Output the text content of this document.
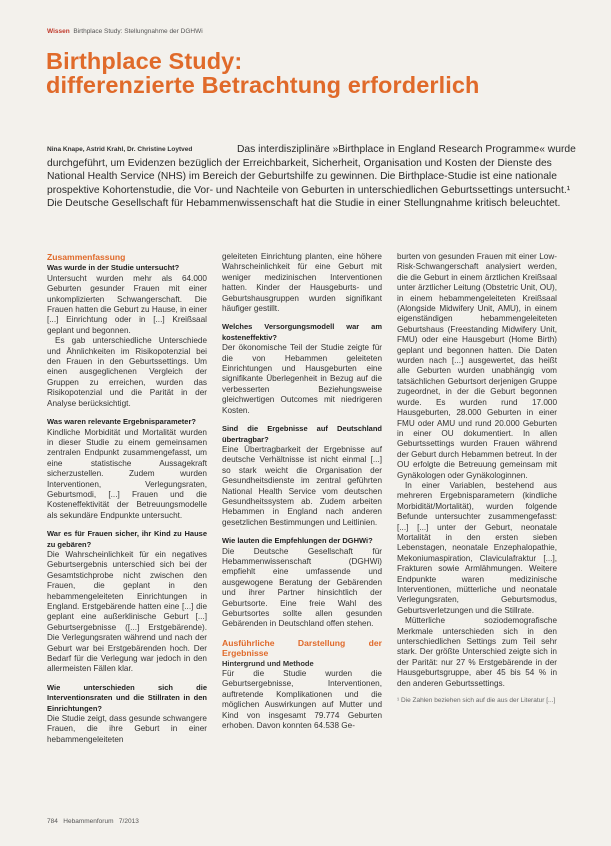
Wissen Birthplace Study: Stellungnahme der DGHWi
Birthplace Study:
differenzierte Betrachtung erforderlich
Nina Knape, Astrid Krahl, Dr. Christine Loytved	Das interdisziplinäre »Birthplace in England Research Programme« wurde durchgeführt, um Evidenzen bezüglich der Erreichbarkeit, Sicherheit, Organisation und Kosten der Dienste des National Health Service (NHS) im Bereich der Geburtshilfe zu gewinnen. Die Birthplace-Studie ist eine nationale prospektive Kohortenstudie, die Vor- und Nachteile von Geburten in unterschiedlichen Geburtssettings untersucht.¹ Die Deutsche Gesellschaft für Hebammenwissenschaft hat die Studie in einer Stellungnahme kritisch beleuchtet.

Zusammenfassung

Was wurde in der Studie untersucht?

Untersucht wurden mehr als 64.000 Geburten gesunder Frauen mit einer unkomplizierten Schwangerschaft. Die Frauen hatten die Geburt zu Hause, in einer [...] Einrichtung oder in [...] Kreißsaal geplant und begonnen.

Es gab unterschiedliche Unterschiede und Ähnlichkeiten im Risikopotenzial bei den Frauen in den Geburtssettings. Um einen ausgeglichenen Vergleich der Gruppen zu erreichen, wurden das Risikopotenzial und die Parität in der Analyse berücksichtigt.

Was waren relevante Ergebnisparameter?

Kindliche Morbidität und Mortalität wurden in dieser Studie zu einem gemeinsamen zentralen Endpunkt zusammengefasst, um eine statistische Aussagekraft sicherzustellen. Zudem wurden Interventionen, Verlegungsraten, Geburtsmodi, [...] Frauen und die Kosteneffektivität der Betreuungsmodelle als sekundäre Endpunkte untersucht.

War es für Frauen sicher, ihr Kind zu Hause zu gebären?

Die Wahrscheinlichkeit für ein negatives Geburtsergebnis unterschied sich bei der Gesamtstichprobe nicht zwischen den Frauen, die geplant in den hebammengeleiteten Einrichtungen in England. Erstgebärende hatten eine [...] die geplant eine außerklinische Geburt [...] Geburtsergebnisse ([...] Erstgebärende). Die Verlegungsraten während und nach der Geburt war bei Erstgebärenden hoch. Der Bedarf für die Verlegung war jedoch in den allermeisten Fällen klar.

Wie unterschieden sich die Interventionsraten und die Stillraten in den Einrichtungen?

Die Studie zeigt, dass gesunde schwangere Frauen, die ihre Geburt in einer hebammengeleiteten

geleiteten Einrichtung planten, eine höhere Wahrscheinlichkeit für eine Geburt mit weniger medizinischen Interventionen hatten. Kinder der Hausgeburts- und Geburtshausgruppen wurden signifikant häufiger gestillt.

Welches Versorgungsmodell war am kosteneffektiv?

Der ökonomische Teil der Studie zeigte für die von Hebammen geleiteten Einrichtungen und Hausgeburten eine signifikante Überlegenheit in Bezug auf die verbesserten Beziehungsweise gleichwertigen Outcomes mit niedrigeren Kosten.

Sind die Ergebnisse auf Deutschland übertragbar?

Eine Übertragbarkeit der Ergebnisse auf deutsche Verhältnisse ist nicht einmal [...] so stark weicht die Organisation der Gesundheitsdienste im zentral geführten National Health Service vom deutschen Gesundheitssystem ab. Zudem arbeiten Hebammen in England nach anderen gesetzlichen Bestimmungen und Leitlinien.

Wie lauten die Empfehlungen der DGHWi?

Die Deutsche Gesellschaft für Hebammenwissenschaft (DGHWi) empfiehlt eine umfassende und ausgewogene Beratung der Gebärenden und ihrer Partner hinsichtlich der Geburtsorte. Eine freie Wahl des Geburtsortes sollte allen gesunden Gebärenden in Deutschland offen stehen.

Ausführliche Darstellung der Ergebnisse

Hintergrund und Methode

Für die Studie wurden die Geburtsergebnisse, Interventionen, auftretende Komplikationen und die möglichen Auswirkungen auf Mutter und Kind von insgesamt 79.774 Geburten erhoben. Davon konnten 64.538 Ge-

burten von gesunden Frauen mit einer Low-Risk-Schwangerschaft analysiert werden, die die Geburt in einem ärztlichen Kreißsaal unter ärztlicher Leitung (Obstetric Unit, OU), in einem hebammengeleiteten Kreißsaal (Alongside Midwifery Unit, AMU), in einem eigenständigen hebammengeleiteten Geburtshaus (Freestanding Midwifery Unit, FMU) oder eine Hausgeburt (Home Birth) geplant und begonnen hatten. Die Daten wurden nach [...] ausgewertet, das heißt alle Geburten wurden unabhängig vom tatsächlichen Geburtsort derjenigen Gruppe zugeordnet, in der die Geburt begonnen wurde. Es wurden rund 17.000 Hausgeburten, 28.000 Geburten in einer FMU oder AMU und rund 20.000 Geburten in einer OU dokumentiert. In allen Geburtssettings wurden Frauen während der Geburt durch Hebammen betreut. In der OU erfolgte die Betreuung gemeinsam mit Gynäkologen oder Gynäkologinnen.

In einer Variablen, bestehend aus mehreren Ergebnisparametern (kindliche Morbidität/Mortalität), wurden folgende Befunde untersuchter zusammengefasst: [...] [...] unter der Geburt, neonatale Mortalität in den ersten sieben Lebenstagen, neonatale Enzephalopathie, Mekoniumaspiration, Claviculafraktur [...], Frakturen sowie Armlähmungen. Weitere Endpunkte waren medizinische Interventionen, mütterliche und neonatale Verlegungsraten, Geburtsmodus, Geburtsverletzungen und die Stillrate.

Mütterliche soziodemografische Merkmale unterschieden sich in den unterschiedlichen Settings zum Teil sehr stark. Der größte Unterschied zeigte sich in der Parität: nur 27 % Erstgebärende in der Hausgeburtsgruppe, aber 45 bis 54 % in den anderen Geburtssettings.

¹ Die Zahlen beziehen sich auf die aus der Literatur [...]

784 Hebammenforum 7/2013
